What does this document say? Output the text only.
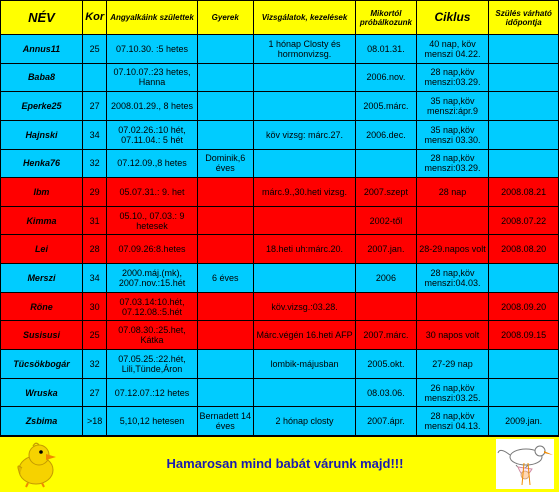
NÉV	Kor	Angyalkáink születtek	Gyerek	Vizsgálatok, kezelések	Mikortól próbálkozunk	Ciklus	Szülés várható időpontja
Annus11	25	07.10.30. :5 hetes		1 hónap Closty és hormonvizsg.	08.01.31.	40 nap, köv menszi 04.22.	
Baba8		07.10.07.:23 hetes, Hanna			2006.nov.	28 nap,köv menszi:03.29.	
Eperke25	27	2008.01.29., 8 hetes			2005.márc.	35 nap,köv menszi:ápr.9	
Hajnski	34	07.02.26.:10 hét, 07.11.04.: 5 hét		köv vizsg: márc.27.	2006.dec.	35 nap,köv menszi 03.30.	
Henka76	32	07.12.09.,8 hetes	Dominik,6 éves			28 nap,köv menszi:03.29.	
Ibm	29	05.07.31.: 9. het		márc.9.,30.heti vizsg.	2007.szept	28 nap	2008.08.21
Kimma	31	05.10., 07.03.: 9 hetesek			2002-től		2008.07.22
Lei	28	07.09.26:8.hetes		18.heti uh:márc.20.	2007.jan.	28-29.napos volt	2008.08.20
Merszi	34	2000.máj.(mk), 2007.nov.:15.hét	6 éves		2006	28 nap,köv menszi:04.03.	
Röne	30	07.03.14:10.hét, 07.12.08.:5.hét		köv.vizsg.:03.28.			2008.09.20
Susisusi	25	07.08.30.:25.het, Kátka		Márc.végén 16.heti AFP	2007.márc.	30 napos volt	2008.09.15
Tücsökbogár	32	07.05.25.:22.hét, Lili,Tünde,Áron		lombik-májusban	2005.okt.	27-29 nap	
Wruska	27	07.12.07.:12 hetes			08.03.06.	26 nap,köv menszi:03.25.	
Zsbima	>18	5,10,12 hetesen	Bernadett 14 éves	2 hónap closty	2007.ápr.	28 nap,köv menszi 04.13.	2009.jan.
Hamarosan mind babát várunk majd!!!
